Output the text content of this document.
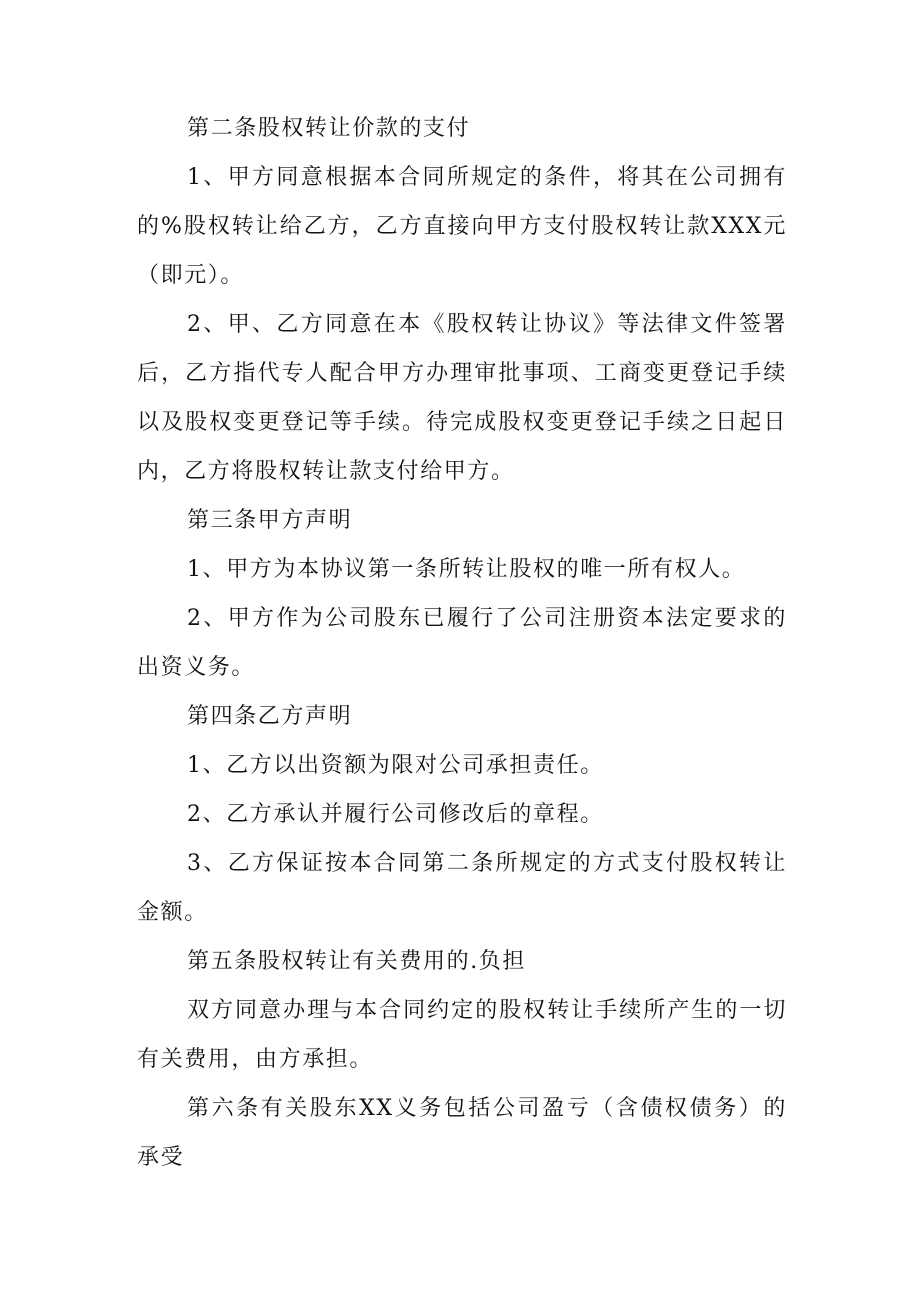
第二条股权转让价款的支付

1、甲方同意根据本合同所规定的条件，将其在公司拥有的%股权转让给乙方，乙方直接向甲方支付股权转让款XXX元（即元）。

2、甲、乙方同意在本《股权转让协议》等法律文件签署后，乙方指代专人配合甲方办理审批事项、工商变更登记手续以及股权变更登记等手续。待完成股权变更登记手续之日起日内，乙方将股权转让款支付给甲方。

第三条甲方声明

1、甲方为本协议第一条所转让股权的唯一所有权人。

2、甲方作为公司股东已履行了公司注册资本法定要求的出资义务。

第四条乙方声明

1、乙方以出资额为限对公司承担责任。

2、乙方承认并履行公司修改后的章程。

3、乙方保证按本合同第二条所规定的方式支付股权转让金额。

第五条股权转让有关费用的.负担

双方同意办理与本合同约定的股权转让手续所产生的一切有关费用，由方承担。

第六条有关股东XX义务包括公司盈亏（含债权债务）的承受
